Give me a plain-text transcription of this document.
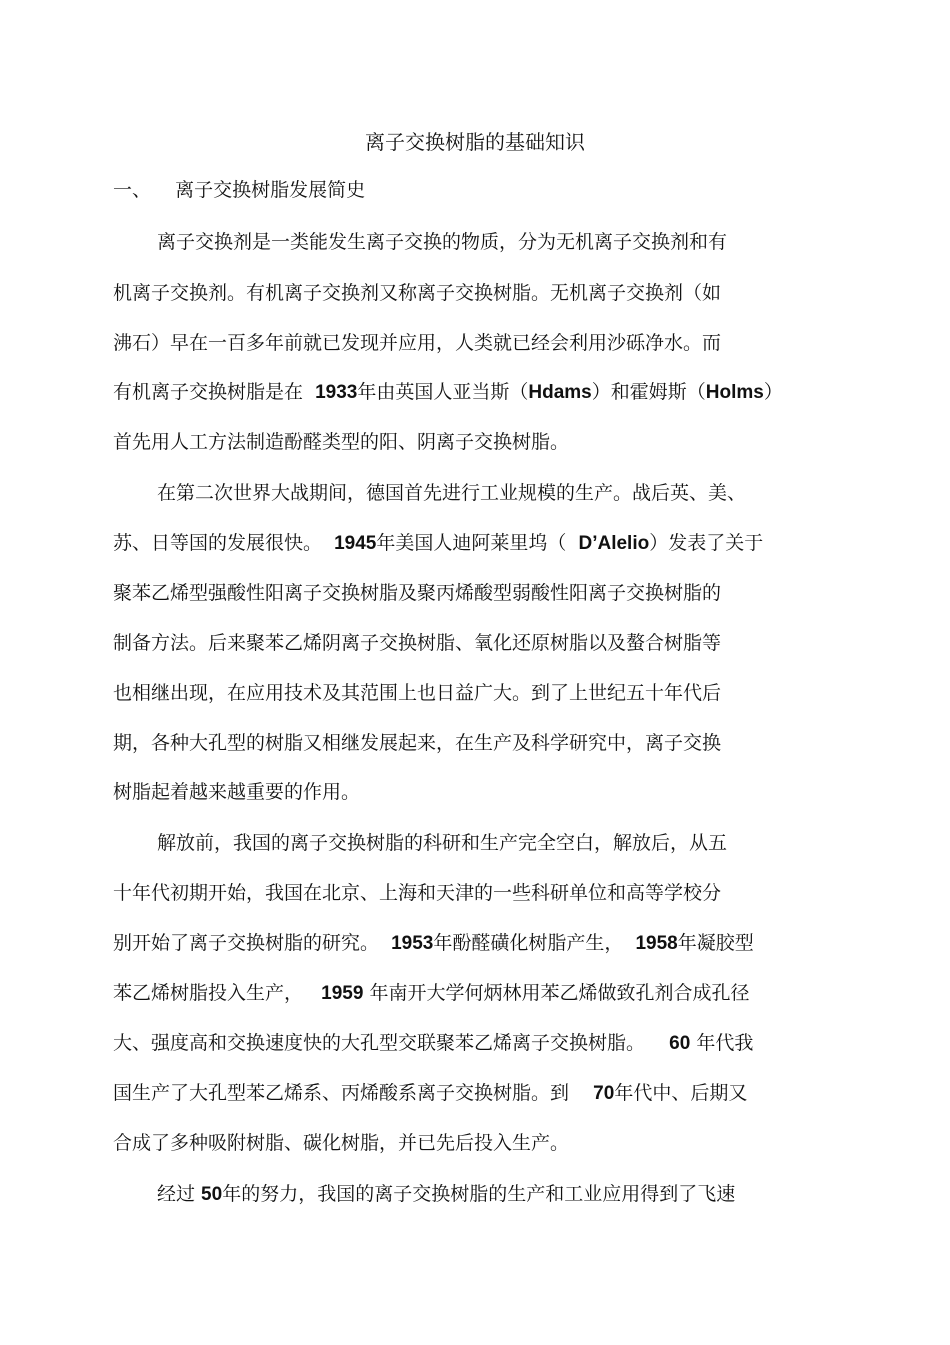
离子交换树脂的基础知识
一、    离子交换树脂发展简史
离子交换剂是一类能发生离子交换的物质，分为无机离子交换剂和有
机离子交换剂。有机离子交换剂又称离子交换树脂。无机离子交换剂（如
沸石）早在一百多年前就已发现并应用，人类就已经会利用沙砾净水。而
有机离子交换树脂是在  1933年由英国人亚当斯（Hdams）和霍姆斯（Holms）
首先用人工方法制造酚醛类型的阳、阴离子交换树脂。
在第二次世界大战期间，德国首先进行工业规模的生产。战后英、美、
苏、日等国的发展很快。  1945年美国人迪阿莱里坞（  D’Alelio）发表了关于
聚苯乙烯型强酸性阳离子交换树脂及聚丙烯酸型弱酸性阳离子交换树脂的
制备方法。后来聚苯乙烯阴离子交换树脂、氧化还原树脂以及螯合树脂等
也相继出现，在应用技术及其范围上也日益广大。到了上世纪五十年代后
期，各种大孔型的树脂又相继发展起来，在生产及科学研究中，离子交换
树脂起着越来越重要的作用。
解放前，我国的离子交换树脂的科研和生产完全空白，解放后，从五
十年代初期开始，我国在北京、上海和天津的一些科研单位和高等学校分
别开始了离子交换树脂的研究。  1953年酚醛磺化树脂产生，  1958年凝胶型
苯乙烯树脂投入生产，   1959 年南开大学何炳林用苯乙烯做致孔剂合成孔径
大、强度高和交换速度快的大孔型交联聚苯乙烯离子交换树脂。    60 年代我
国生产了大孔型苯乙烯系、丙烯酸系离子交换树脂。到    70年代中、后期又
合成了多种吸附树脂、碳化树脂，并已先后投入生产。
经过 50年的努力，我国的离子交换树脂的生产和工业应用得到了飞速
